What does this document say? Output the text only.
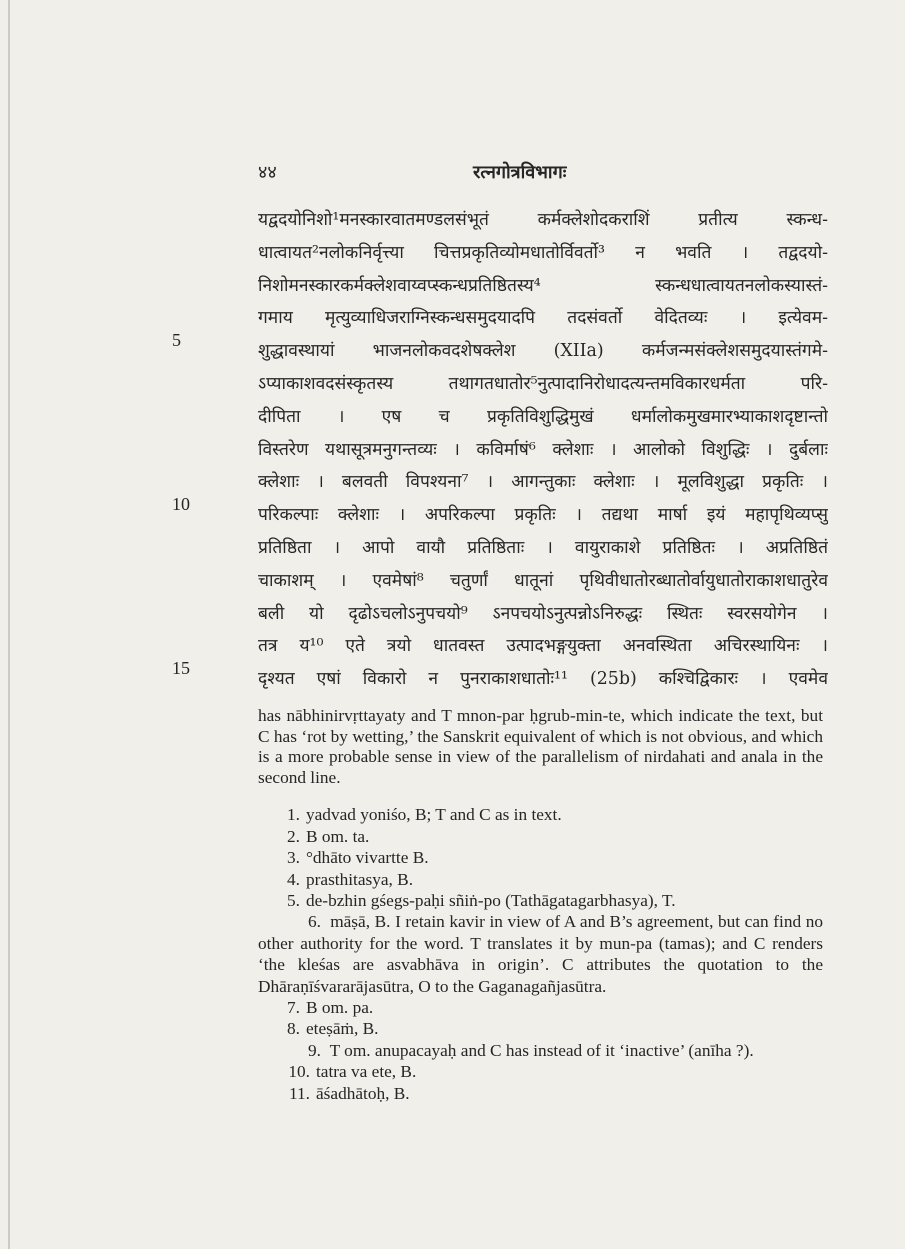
४४	रत्नगोत्रविभागः
यद्वदयोनिशो¹मनस्कारवातमण्डलसंभूतं कर्मक्लेशोदकराशिं प्रतीत्य स्कन्ध-
धात्वायत²नलोकनिर्वृत्त्या चित्तप्रकृतिव्योमधातोर्विवर्तो³ न भवति । तद्वदयो-
निशोमनस्कारकर्मक्लेशवाय्वप्स्कन्धप्रतिष्ठितस्य⁴ स्कन्धधात्वायतनलोकस्यास्तं-
गमाय मृत्युव्याधिजराग्निस्कन्धसमुदयादपि तदसंवर्तो वेदितव्यः । इत्येवम-
शुद्धावस्थायां भाजनलोकवदशेषक्लेश (XIIa) कर्मजन्मसंक्लेशसमुदयास्तंगमे-
ऽप्याकाशवदसंस्कृतस्य तथागतधातोर⁵नुत्पादानिरोधादत्यन्तमविकारधर्मता परि-
दीपिता । एष च प्रकृतिविशुद्धिमुखं धर्मालोकमुखमारभ्याकाशदृष्टान्तो
विस्तरेण यथासूत्रमनुगन्तव्यः । कविर्माषं⁶ क्लेशाः । आलोको विशुद्धिः । दुर्बलाः
क्लेशाः । बलवती विपश्यना⁷ । आगन्तुकाः क्लेशाः । मूलविशुद्धा प्रकृतिः ।
परिकल्पाः क्लेशाः । अपरिकल्पा प्रकृतिः । तद्यथा मार्षा इयं महापृथिव्यप्सु
प्रतिष्ठिता । आपो वायौ प्रतिष्ठिताः । वायुराकाशे प्रतिष्ठितः । अप्रतिष्ठितं
चाकाशम् । एवमेषां⁸ चतुर्णां धातूनां पृथिवीधातोरब्धातोर्वायुधातोराकाशधातुरेव
बली यो दृढोऽचलोऽनुपचयो⁹ ऽनपचयोऽनुत्पन्नोऽनिरुद्धः स्थितः स्वरसयोगेन ।
तत्र य¹⁰ एते त्रयो धातवस्त उत्पादभङ्गयुक्ता अनवस्थिता अचिरस्थायिनः ।
दृश्यत एषां विकारो न पुनराकाशधातोः¹¹ (25b) कश्चिद्विकारः । एवमेव
5
10
15
has nābhinirvṛttayaty and T mnon-par ḥgrub-min-te, which indicate the text, but C has ‘rot by wetting,’ the Sanskrit equivalent of which is not obvious, and which is a more probable sense in view of the parallelism of nirdahati and anala in the second line.
1. yadvad yoniśo, B; T and C as in text.
2. B om. ta.
3. °dhāto vivartte B.
4. prasthitasya, B.
5. de-bzhin gśegs-paḥi sñiṅ-po (Tathāgatagarbhasya), T.
6. māṣā, B. I retain kavir in view of A and B’s agreement, but can find no other authority for the word. T translates it by mun-pa (tamas); and C renders ‘the kleśas are asvabhāva in origin’. C attributes the quotation to the Dhāraṇīśvararājasūtra, O to the Gaganagañjasūtra.
7. B om. pa.
8. eteṣāṁ, B.
9. T om. anupacayaḥ and C has instead of it ‘inactive’ (anīha ?).
10. tatra va ete, B.
11. āśadhātoḥ, B.
